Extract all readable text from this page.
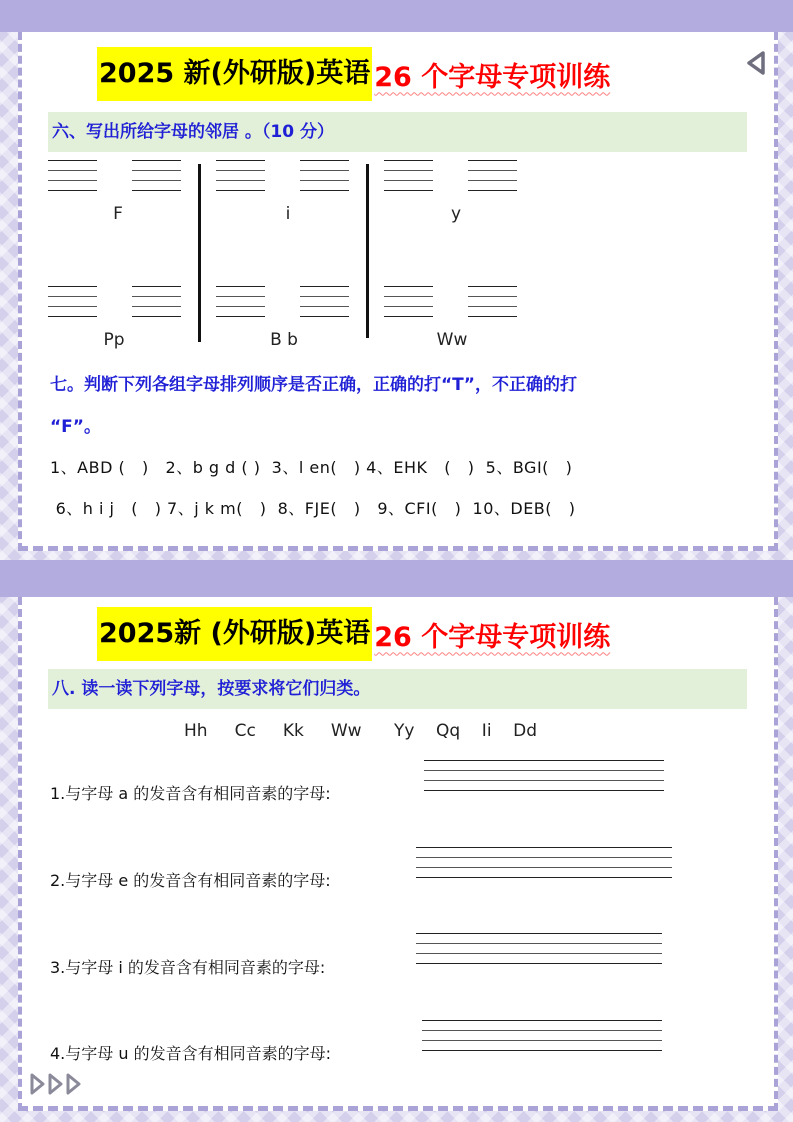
2025 新(外研版)英语 26 个字母专项训练
六、写出所给字母的邻居 。（10 分）
F	i	y
Pp	B b	Ww
七。判断下列各组字母排列顺序是否正确，正确的打“T”，不正确的打
“F”。
1、ABD (   )   2、b g d ( )  3、l en(   ) 4、EHK   (   )  5、BGI(   )
6、h i j   (   ) 7、j k m(   )  8、FJE(   )   9、CFI(   )  10、DEB(   )
2025新 (外研版)英语 26 个字母专项训练
八. 读一读下列字母，按要求将它们归类。
Hh     Cc     Kk     Ww      Yy    Qq    Ii    Dd
1.与字母 a 的发音含有相同音素的字母:
2.与字母 e 的发音含有相同音素的字母:
3.与字母 i 的发音含有相同音素的字母:
4.与字母 u 的发音含有相同音素的字母:
